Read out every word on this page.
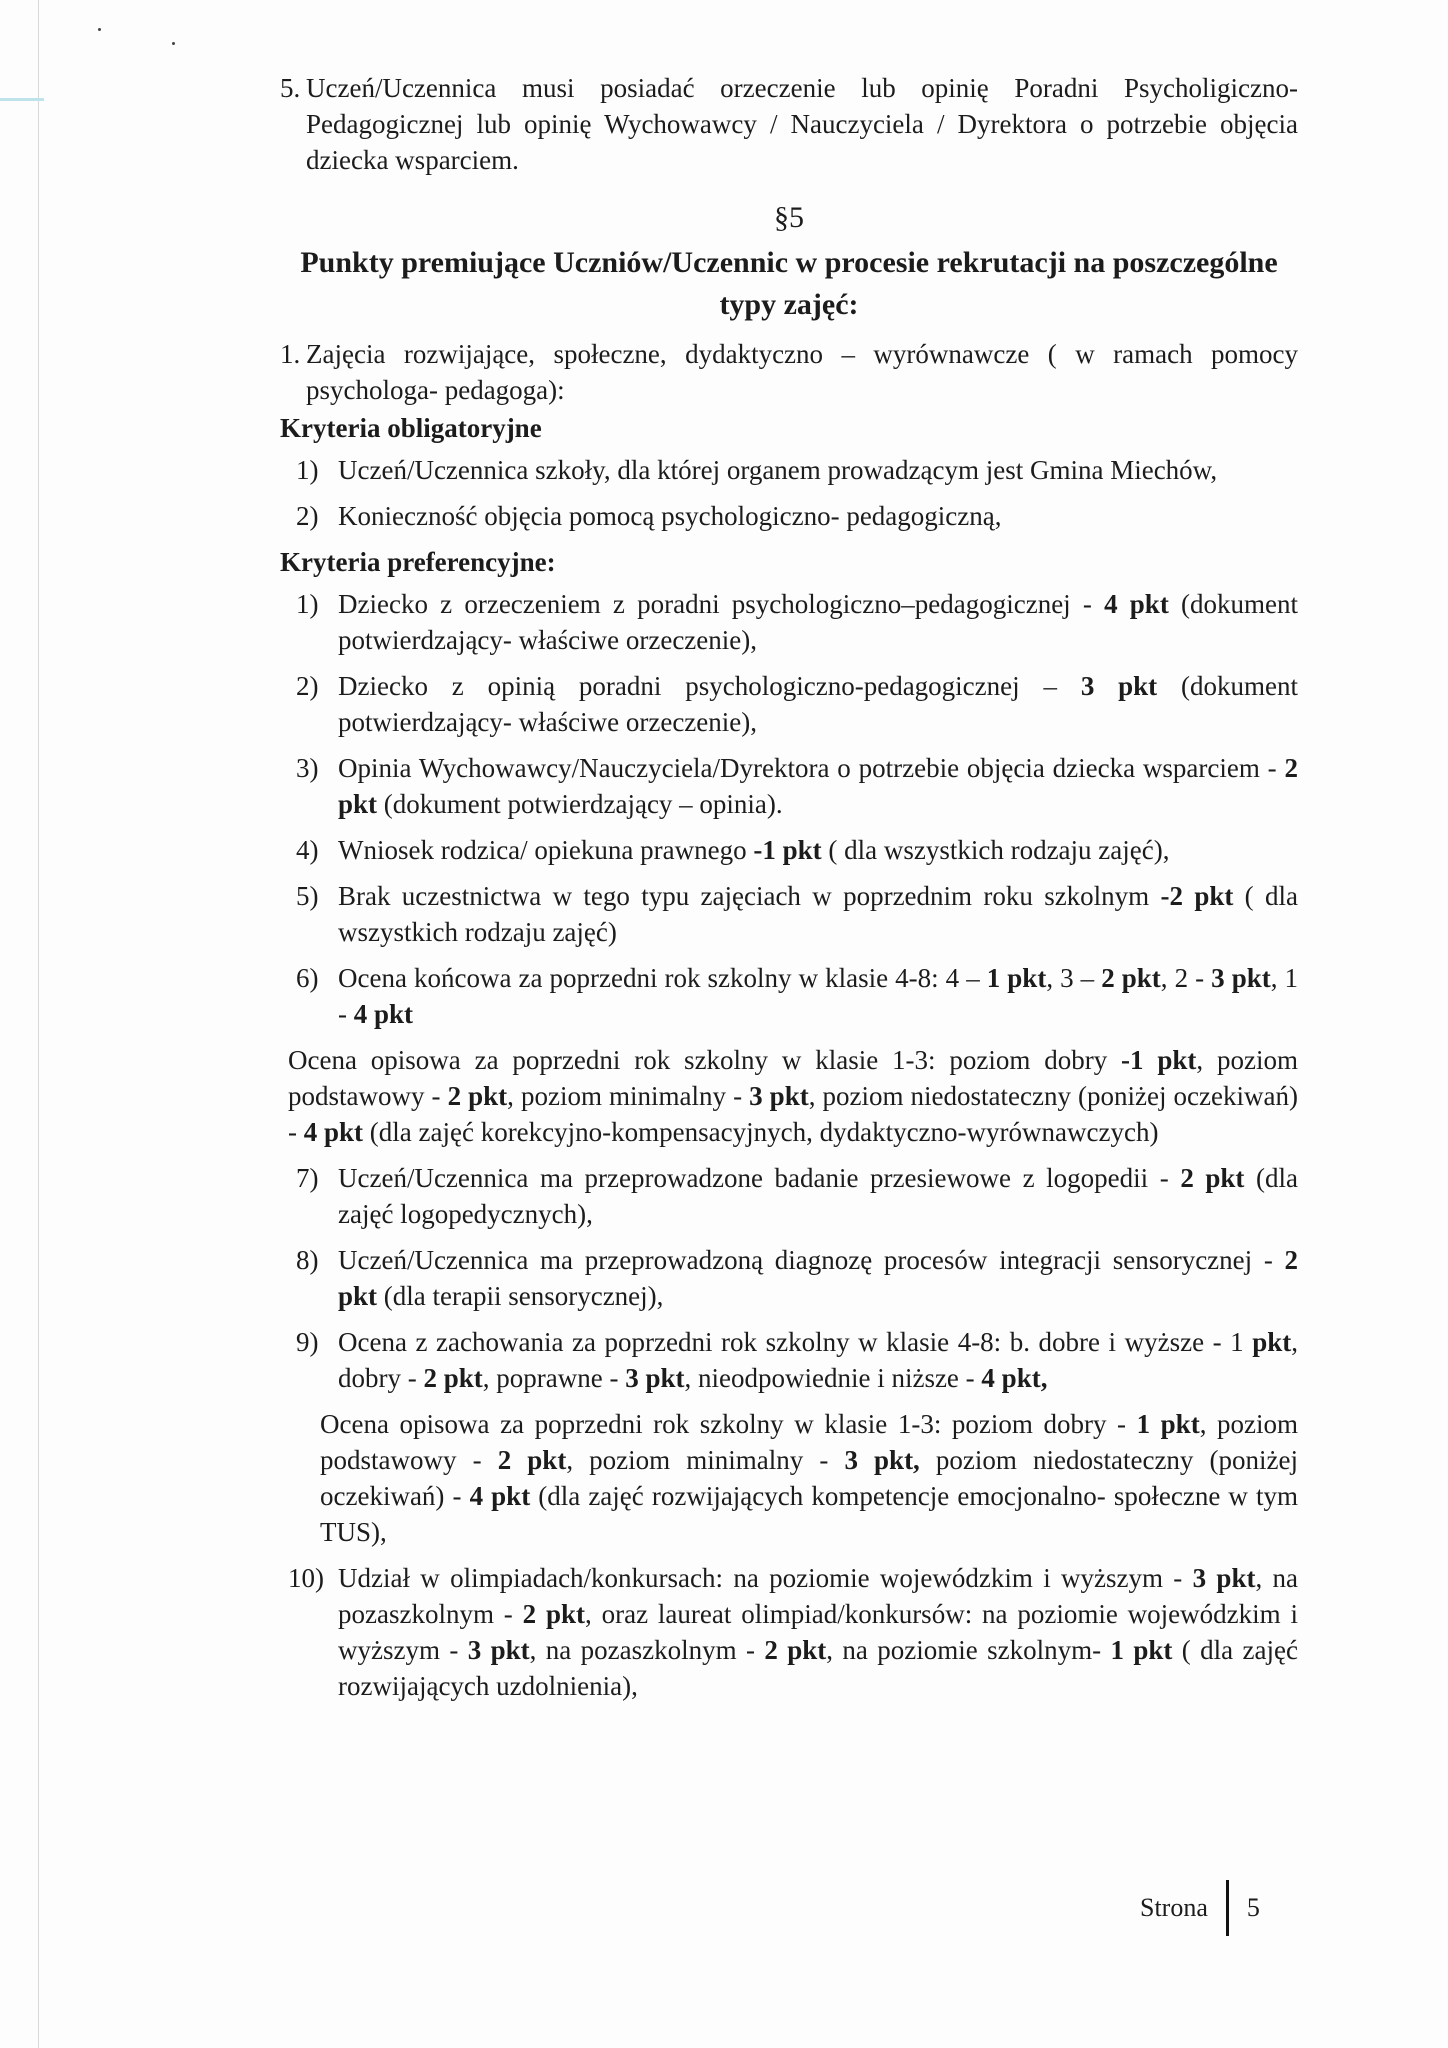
5. Uczeń/Uczennica musi posiadać orzeczenie lub opinię Poradni Psycholigiczno-Pedagogicznej lub opinię Wychowawcy / Nauczyciela / Dyrektora o potrzebie objęcia dziecka wsparciem.
§5
Punkty premiujące Uczniów/Uczennic w procesie rekrutacji na poszczególne typy zajęć:
1. Zajęcia rozwijające, społeczne, dydaktyczno – wyrównawcze ( w ramach pomocy psychologa- pedagoga):
Kryteria obligatoryjne
1) Uczeń/Uczennica szkoły, dla której organem prowadzącym jest Gmina Miechów,
2) Konieczność objęcia pomocą psychologiczno- pedagogiczną,
Kryteria preferencyjne:
1) Dziecko z orzeczeniem z poradni psychologiczno–pedagogicznej - 4 pkt (dokument potwierdzający- właściwe orzeczenie),
2) Dziecko z opinią poradni psychologiczno-pedagogicznej – 3 pkt (dokument potwierdzający- właściwe orzeczenie),
3) Opinia Wychowawcy/Nauczyciela/Dyrektora o potrzebie objęcia dziecka wsparciem - 2 pkt (dokument potwierdzający – opinia).
4) Wniosek rodzica/ opiekuna prawnego -1 pkt ( dla wszystkich rodzaju zajęć),
5) Brak uczestnictwa w tego typu zajęciach w poprzednim roku szkolnym -2 pkt ( dla wszystkich rodzaju zajęć)
6) Ocena końcowa za poprzedni rok szkolny w klasie 4-8: 4 – 1 pkt, 3 – 2 pkt, 2 - 3 pkt, 1 - 4 pkt
Ocena opisowa za poprzedni rok szkolny w klasie 1-3: poziom dobry -1 pkt, poziom podstawowy - 2 pkt, poziom minimalny - 3 pkt, poziom niedostateczny (poniżej oczekiwań) - 4 pkt (dla zajęć korekcyjno-kompensacyjnych, dydaktyczno-wyrównawczych)
7) Uczeń/Uczennica ma przeprowadzone badanie przesiewowe z logopedii - 2 pkt (dla zajęć logopedycznych),
8) Uczeń/Uczennica ma przeprowadzoną diagnozę procesów integracji sensorycznej - 2 pkt (dla terapii sensorycznej),
9) Ocena z zachowania za poprzedni rok szkolny w klasie 4-8: b. dobre i wyższe - 1 pkt, dobry - 2 pkt, poprawne - 3 pkt, nieodpowiednie i niższe - 4 pkt,
Ocena opisowa za poprzedni rok szkolny w klasie 1-3: poziom dobry - 1 pkt, poziom podstawowy - 2 pkt, poziom minimalny - 3 pkt, poziom niedostateczny (poniżej oczekiwań) - 4 pkt (dla zajęć rozwijających kompetencje emocjonalno- społeczne w tym TUS),
10) Udział w olimpiadach/konkursach: na poziomie wojewódzkim i wyższym - 3 pkt, na pozaszkolnym - 2 pkt, oraz laureat olimpiad/konkursów: na poziomie wojewódzkim i wyższym - 3 pkt, na pozaszkolnym - 2 pkt, na poziomie szkolnym- 1 pkt ( dla zajęć rozwijających uzdolnienia),
Strona 5
